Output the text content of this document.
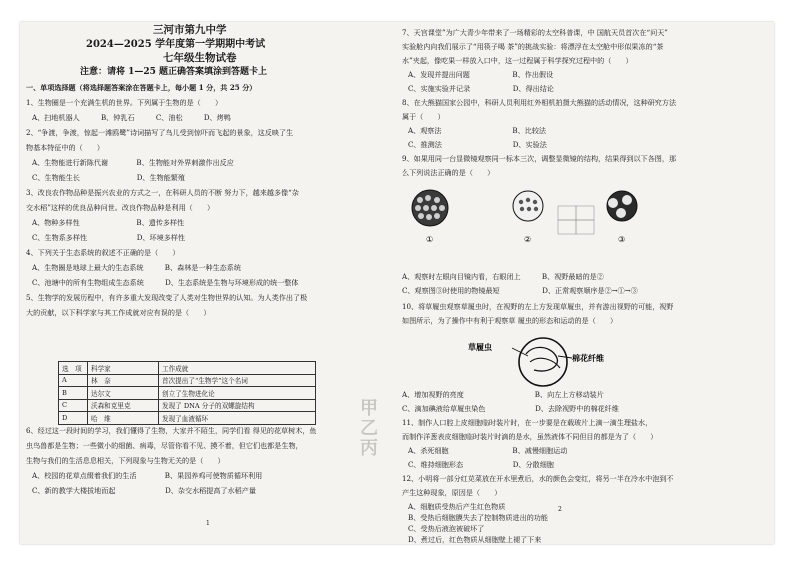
三河市第九中学
2024—2025 学年度第一学期期中考试
七年级生物试卷
注意：请将 1—25 题正确答案填涂到答题卡上
一、单项选择题（将选择题答案涂在答题卡上，每小题 1 分，共 25 分）
1、生物圈是一个充满生机的世界。下列属于生物的是（　　）
A、扫地机器人　　　B、钟乳石　　　C、油松　　　D、烤鸭
2、“争渡，争渡，惊起一滩鸥鹭”诗词描写了鸟儿受到惊吓而飞起的景象，这反映了生
物基本特征中的（　　）
A、生物能进行新陈代谢　　　　B、生物能对外界刺激作出反应
C、生物能生长　　　　　　　　D、生物能繁殖
3、改良农作物品种是振兴农业的方式之一，在科研人员的不断 努力下，越来越多像“杂
交水稻”这样的优良品种问世。改良作物品种是利用（　　）
A、物种多样性　　　　　　　　B、遗传多样性
C、生物系多样性　　　　　　　D、环境多样性
4、下列关于生态系统的叙述不正确的是（　　）
A、生物圈是地球上最大的生态系统　　　B、森林是一种生态系统
C、池塘中的所有生物组成生态系统　　　D、生态系统是生物与环境形成的统一整体
5、生物学的发展历程中，有许多重大发现改变了人类对生物世界的认知。为人类作出了极
大的贡献，以下科学家与其工作成就对应有误的是（　　）
选　项	科学家	工作成就
A	林　奈	首次提出了“生物学”这个名词
B	达尔文	创立了生物进化论
C	沃森和克里克	发现了 DNA 分子的双螺旋结构
D	哈　维	发现了血液循环	甲
乙
丙
6、经过这一段时间的学习，我们懂得了生物，大家并不陌生，同学们看 得见的花草树木，鱼
虫鸟兽都是生物；一些微小的细菌、病毒，尽管你看不见、摸不着，但它们也都是生物，
生物与我们的生活息息相关，下列现象与生物无关的是（　　）
A、校园的花草点缀着我们的生活　　　　B、果园养鸡可使物质循环利用
C、新的教学大楼拔地而起　　　　　　　D、杂交水稻提高了水稻产量
1
7、天宫课堂”为广大青少年带来了一场精彩的太空科普课，中 国航天员首次在“问天”
实验舱内向我们展示了“用筷子喝 茶”的挑战实验：将漂浮在太空舱中形似果冻的“茶
水”夹起，像吃果一样放入口中，这一过程属于科学探究过程中的（　　）
A、发现并提出问题　　　　　　B、作出假设
C、实施实验并记录　　　　　　D、得出结论
8、在大熊猫国家公园中，科研人员利用红外相机拍摄大熊猫的活动情况，这种研究方法
属于（　　）
A、观察法　　　　　　　　　　B、比较法
C、推测法　　　　　　　　　　D、实验法
9、如果用同一台显微镜观察同一标本三次，调整显微镜的结构，结果得到以下各图，那
么下列说法正确的是（　　）
①	②	③
A、观察时左眼向目镜内看，右眼闭上　　　B、视野最暗的是②
C、观察图③时使用的物镜最短　　　　　　D、正常观察顺序是②→①→③
10、将草履虫观察草履虫时，在视野的左上方发现草履虫，并有游出视野的可能，视野
如图所示，为了操作中有利于观察草 履虫的形态和运动的是（　　）
草履虫
棉花纤维
A、增加视野的亮度　　　　　　　　　　B、向左上方移动装片
C、滴加碘液给草履虫染色　　　　　　　D、去除视野中的棉花纤维
11、制作人口腔上皮细胞临时装片时，在一步要是在载玻片上滴一滴生理盐水，
而制作洋葱表皮细胞临时装片时滴的是水，虽然液体不同但目的都是为了（　　）
A、杀死细胞　　　　　　　　　B、减慢细胞运动
C、维持细胞形态　　　　　　　D、分散细胞
12、小明将一部分红苋菜放在开水里煮后，水的颜色会变红，将另一半在冷水中泡到不
产生这种现象，原因是（　　）
A、细胞质受热后产生红色物质
B、受热后细胞膜失去了控制物质进出的功能
C、受热后液泡被破坏了
D、煮过后，红色物质从细胞壁上褪了下来
2
